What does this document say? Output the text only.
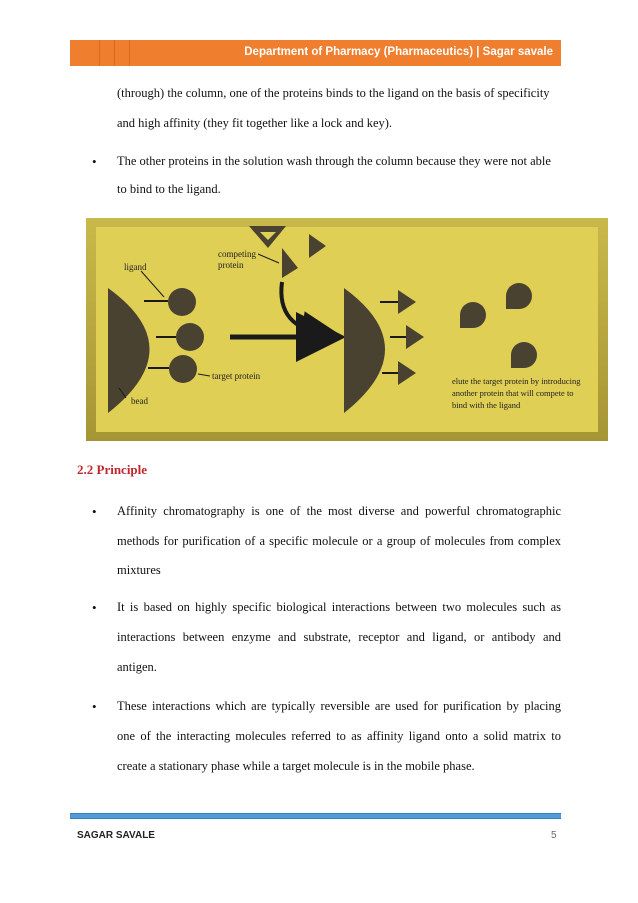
Department of Pharmacy (Pharmaceutics) | Sagar savale
(through) the column, one of the proteins binds to the ligand on the basis of specificity
and high affinity (they fit together like a lock and key).
• The other proteins in the solution wash through the column because they were not able
to bind to the ligand.
ligand
competing
protein
target protein
bead
elute the target protein by introducing
another protein that will compete to
bind with the ligand
2.2 Principle
• Affinity chromatography is one of the most diverse and powerful chromatographic
methods for purification of a specific molecule or a group of molecules from complex
mixtures
• It is based on highly specific biological interactions between two molecules such as
interactions between enzyme and substrate, receptor and ligand, or antibody and
antigen.
• These interactions which are typically reversible are used for purification by placing
one of the interacting molecules referred to as affinity ligand onto a solid matrix to
create a stationary phase while a target molecule is in the mobile phase.
SAGAR SAVALE	5
